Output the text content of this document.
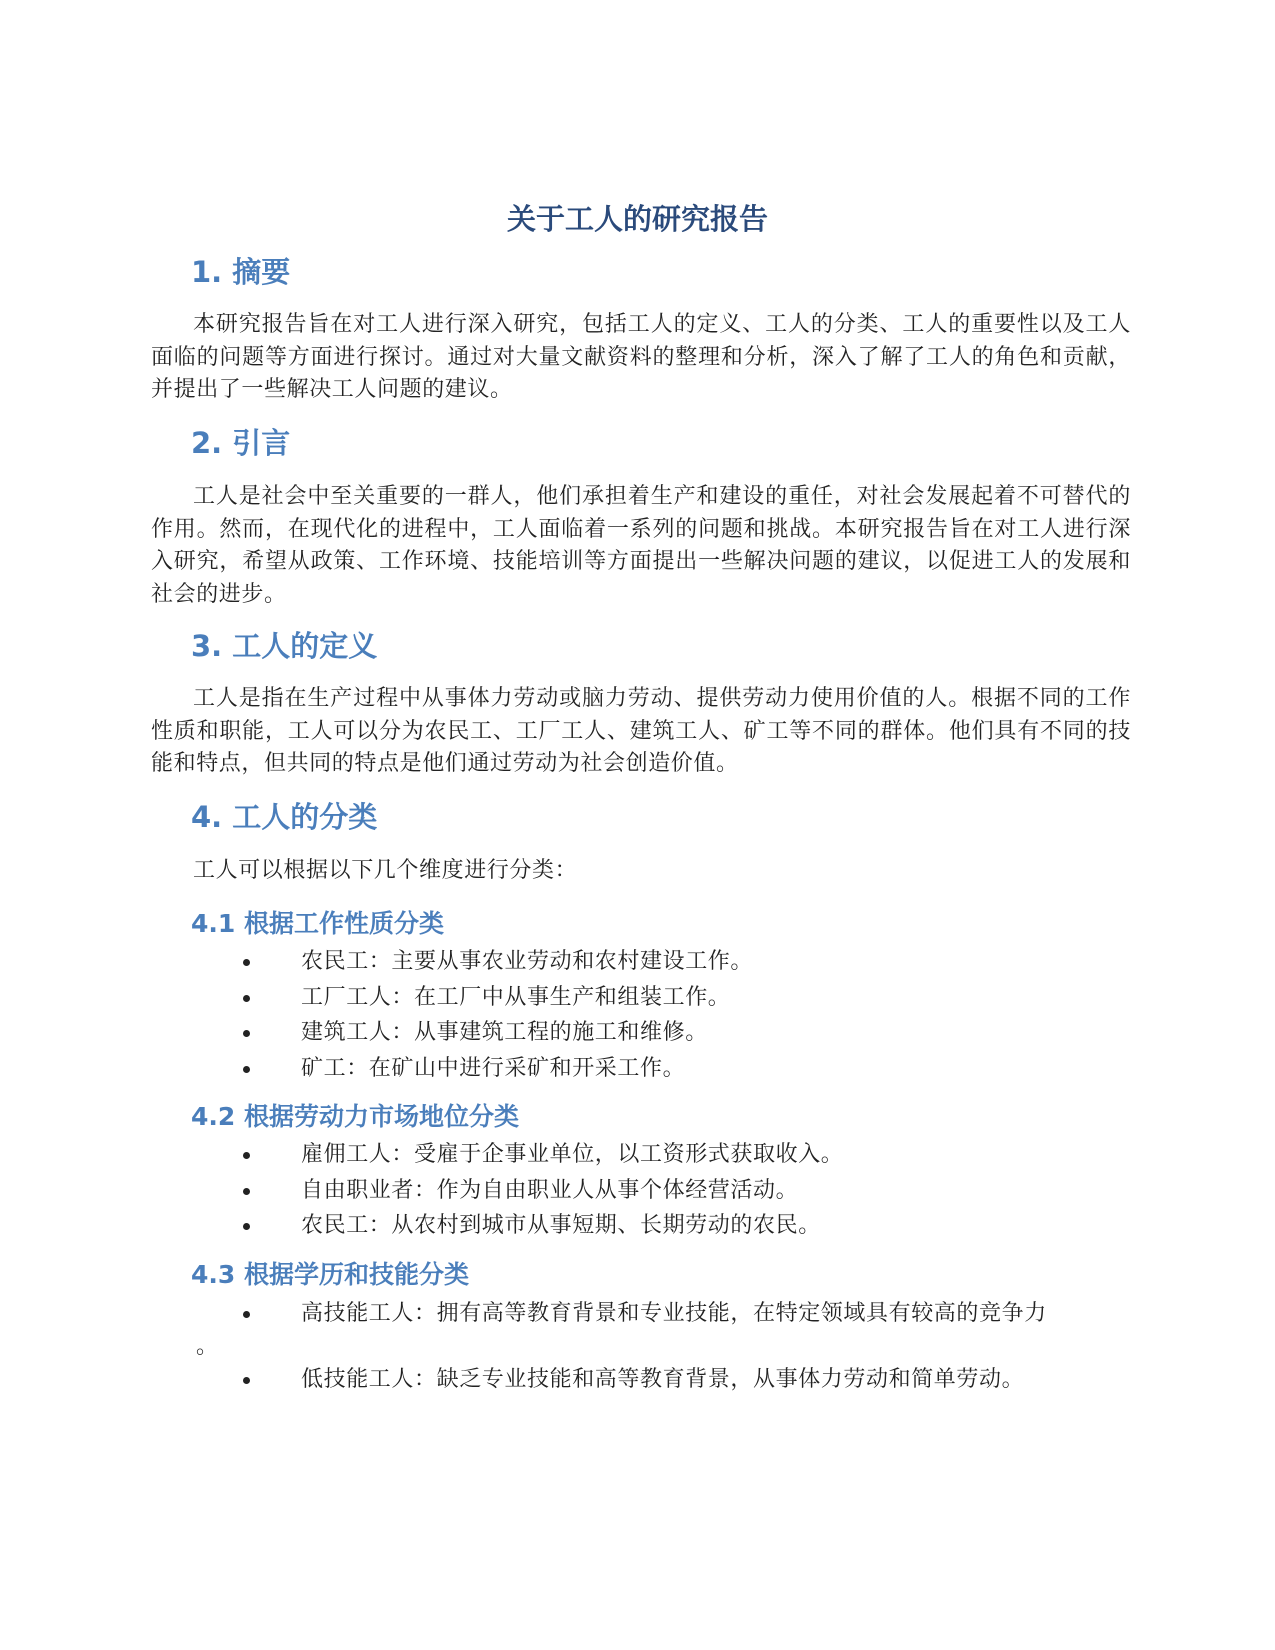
关于工人的研究报告
1. 摘要

本研究报告旨在对工人进行深入研究，包括工人的定义、工人的分类、工人的重要性以及工人面临的问题等方面进行探讨。通过对大量文献资料的整理和分析，深入了解了工人的角色和贡献，并提出了一些解决工人问题的建议。

2. 引言

工人是社会中至关重要的一群人，他们承担着生产和建设的重任，对社会发展起着不可替代的作用。然而，在现代化的进程中，工人面临着一系列的问题和挑战。本研究报告旨在对工人进行深入研究，希望从政策、工作环境、技能培训等方面提出一些解决问题的建议，以促进工人的发展和社会的进步。

3. 工人的定义

工人是指在生产过程中从事体力劳动或脑力劳动、提供劳动力使用价值的人。根据不同的工作性质和职能，工人可以分为农民工、工厂工人、建筑工人、矿工等不同的群体。他们具有不同的技能和特点，但共同的特点是他们通过劳动为社会创造价值。

4. 工人的分类

工人可以根据以下几个维度进行分类：

4.1 根据工作性质分类
农民工：主要从事农业劳动和农村建设工作。
工厂工人：在工厂中从事生产和组装工作。
建筑工人：从事建筑工程的施工和维修。
矿工：在矿山中进行采矿和开采工作。
4.2 根据劳动力市场地位分类
雇佣工人：受雇于企事业单位，以工资形式获取收入。
自由职业者：作为自由职业人从事个体经营活动。
农民工：从农村到城市从事短期、长期劳动的农民。
4.3 根据学历和技能分类
高技能工人：拥有高等教育背景和专业技能，在特定领域具有较高的竞争力
。
低技能工人：缺乏专业技能和高等教育背景，从事体力劳动和简单劳动。
